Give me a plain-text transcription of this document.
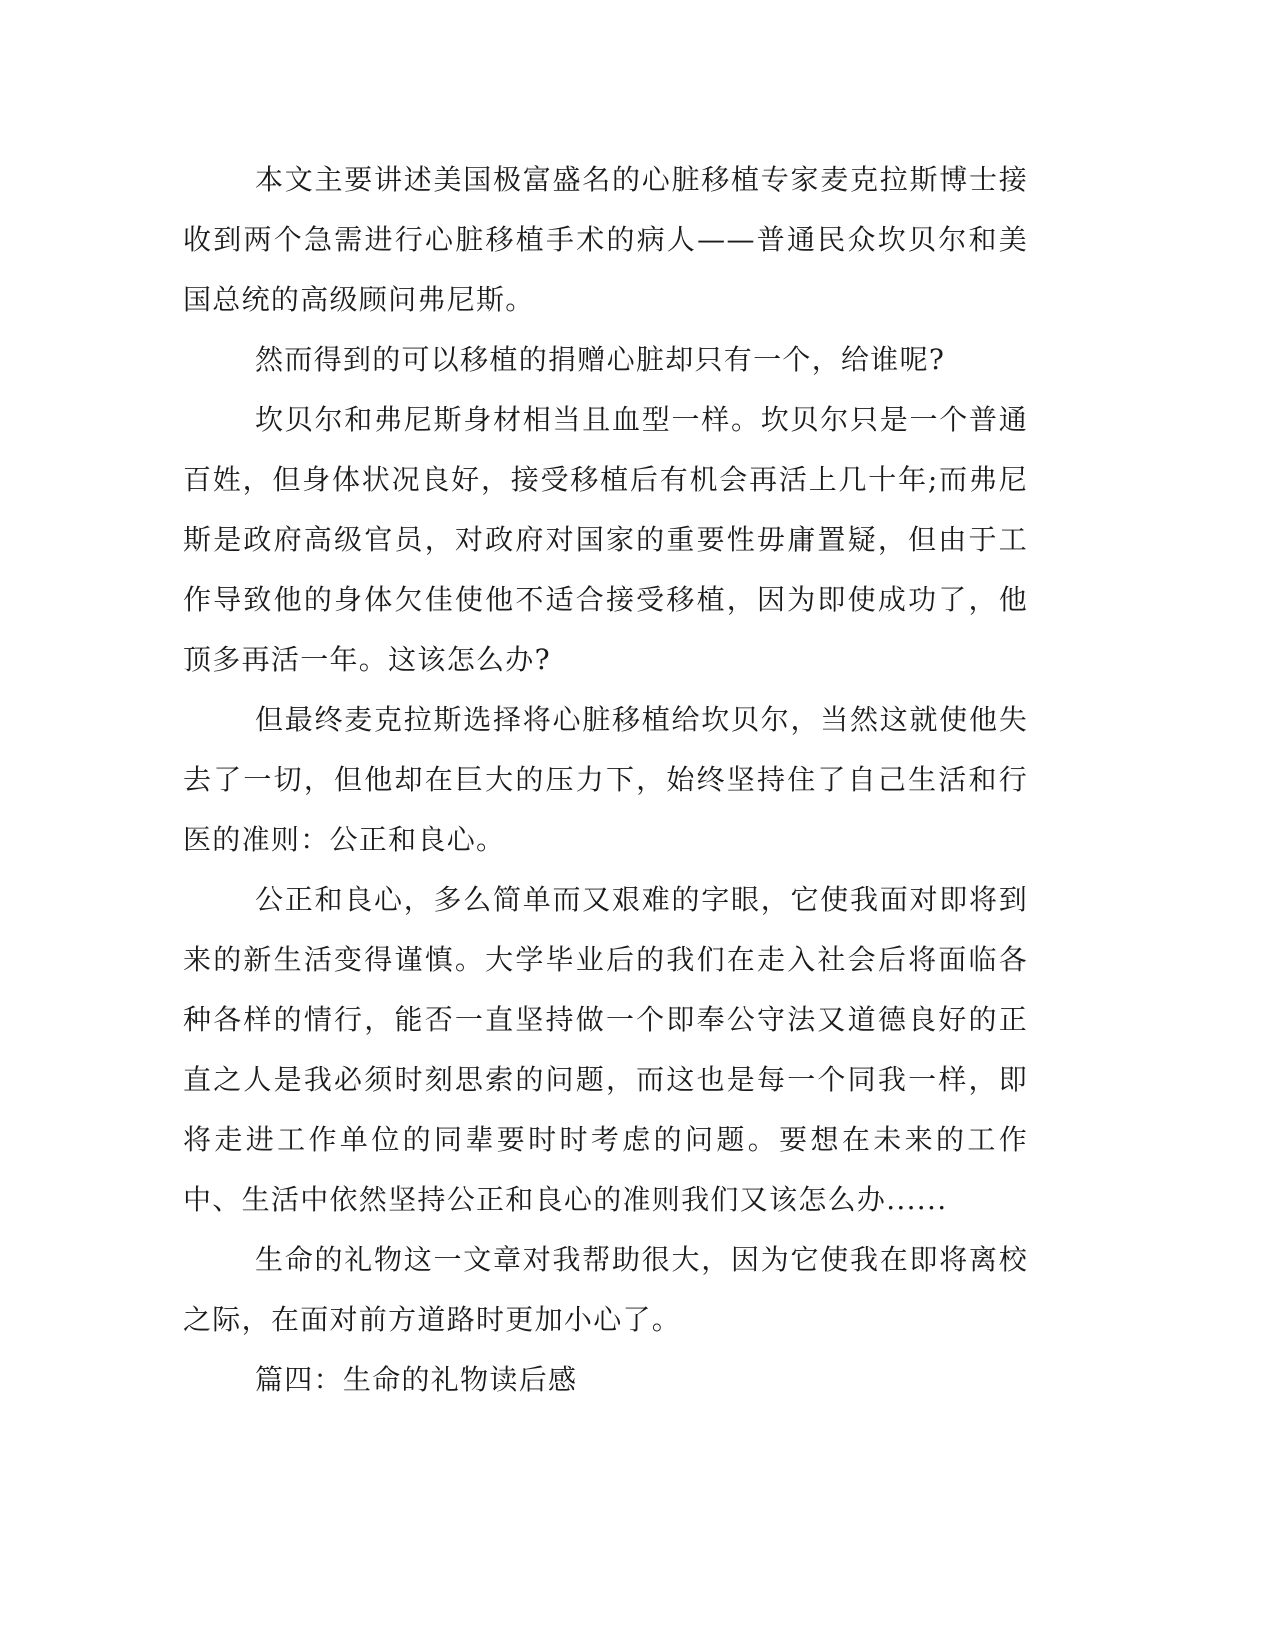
本文主要讲述美国极富盛名的心脏移植专家麦克拉斯博士接收到两个急需进行心脏移植手术的病人——普通民众坎贝尔和美国总统的高级顾问弗尼斯。

然而得到的可以移植的捐赠心脏却只有一个，给谁呢?

坎贝尔和弗尼斯身材相当且血型一样。坎贝尔只是一个普通百姓，但身体状况良好，接受移植后有机会再活上几十年;而弗尼斯是政府高级官员，对政府对国家的重要性毋庸置疑，但由于工作导致他的身体欠佳使他不适合接受移植，因为即使成功了，他顶多再活一年。这该怎么办?

但最终麦克拉斯选择将心脏移植给坎贝尔，当然这就使他失去了一切，但他却在巨大的压力下，始终坚持住了自己生活和行医的准则：公正和良心。

公正和良心，多么简单而又艰难的字眼，它使我面对即将到来的新生活变得谨慎。大学毕业后的我们在走入社会后将面临各种各样的情行，能否一直坚持做一个即奉公守法又道德良好的正直之人是我必须时刻思索的问题，而这也是每一个同我一样，即将走进工作单位的同辈要时时考虑的问题。要想在未来的工作中、生活中依然坚持公正和良心的准则我们又该怎么办......

生命的礼物这一文章对我帮助很大，因为它使我在即将离校之际，在面对前方道路时更加小心了。

篇四：生命的礼物读后感
